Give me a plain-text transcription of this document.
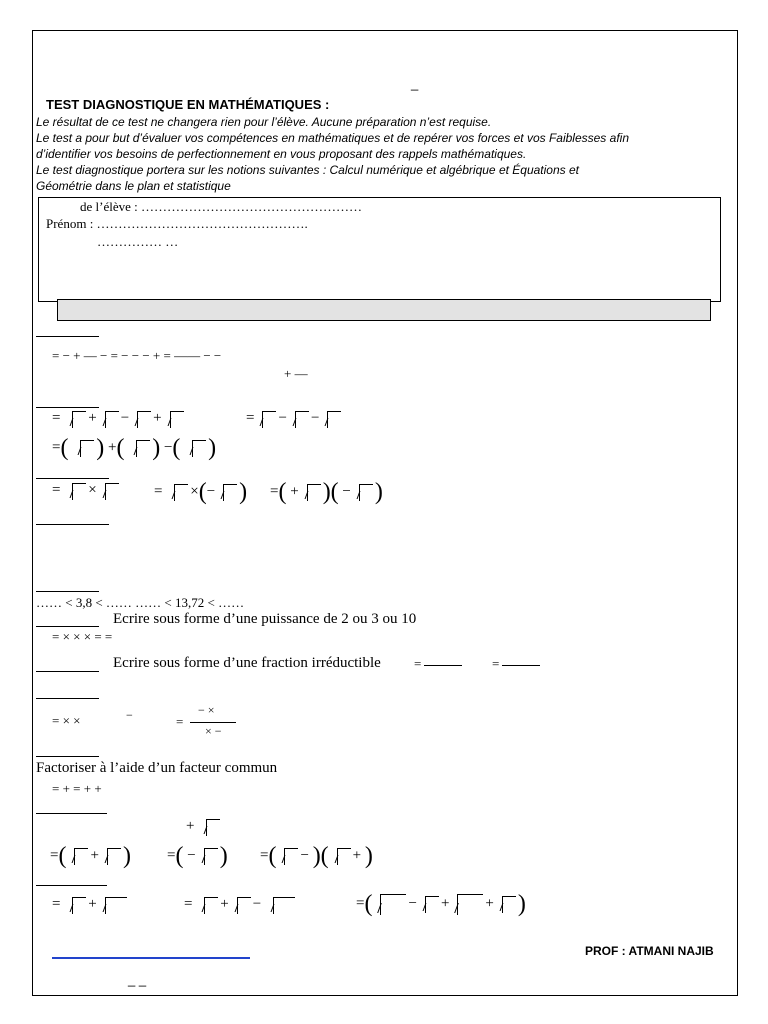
_
TEST DIAGNOSTIQUE EN MATHÉMATIQUES :
Le résultat de ce test ne changera rien pour l’élève. Aucune préparation n’est requise.
Le test a pour but d’évaluer vos compétences en mathématiques et de repérer vos forces et vos Faiblesses afin
d’identifier vos besoins de perfectionnement en vous proposant des rappels mathématiques.
Le test diagnostique portera sur les notions suivantes : Calcul numérique et algébrique et Équations et
Géométrie dans le plan et statistique
de l’élève : ……………………………………………
Prénom : ………………………………………….
…………… …
= − + — − = − − − + = —— − −
+ —
= + − +	= − −
=( ) +( ) −( )
= ×	= ×(− ) =( + )( − )
…… < 3,8 < …… …… < 13,72 < ……
Ecrire sous forme d’une puissance de 2 ou 3 ou 10
= × × × = =
Ecrire sous forme d’une fraction irréductible	=	=
= × ×	−	=
− ×
× −
Factoriser à l’aide d’un facteur commun
= + = + +
+
=( + ) =( − ) =( − )( + )
= +	= + −	=( − + + )
PROF : ATMANI NAJIB
_ _
